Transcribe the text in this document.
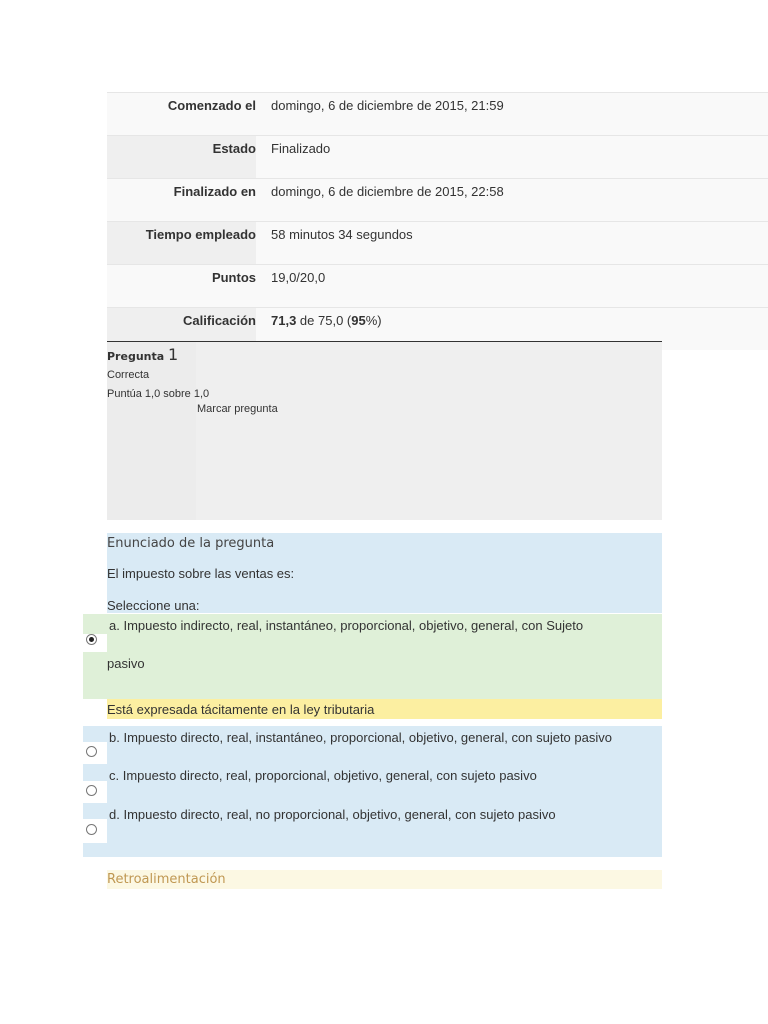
Comenzado el	domingo, 6 de diciembre de 2015, 21:59
Estado	Finalizado
Finalizado en	domingo, 6 de diciembre de 2015, 22:58
Tiempo empleado	58 minutos 34 segundos
Puntos	19,0/20,0
Calificación	71,3 de 75,0 (95%)
Pregunta 1
Correcta
Puntúa 1,0 sobre 1,0
Marcar pregunta
Enunciado de la pregunta
El impuesto sobre las ventas es:
Seleccione una:
a. Impuesto indirecto, real, instantáneo, proporcional, objetivo, general, con Sujeto
pasivo
Está expresada tácitamente en la ley tributaria
b. Impuesto directo, real, instantáneo, proporcional, objetivo, general, con sujeto pasivo
c. Impuesto directo, real, proporcional, objetivo, general, con sujeto pasivo
d. Impuesto directo, real, no proporcional, objetivo, general, con sujeto pasivo
Retroalimentación
